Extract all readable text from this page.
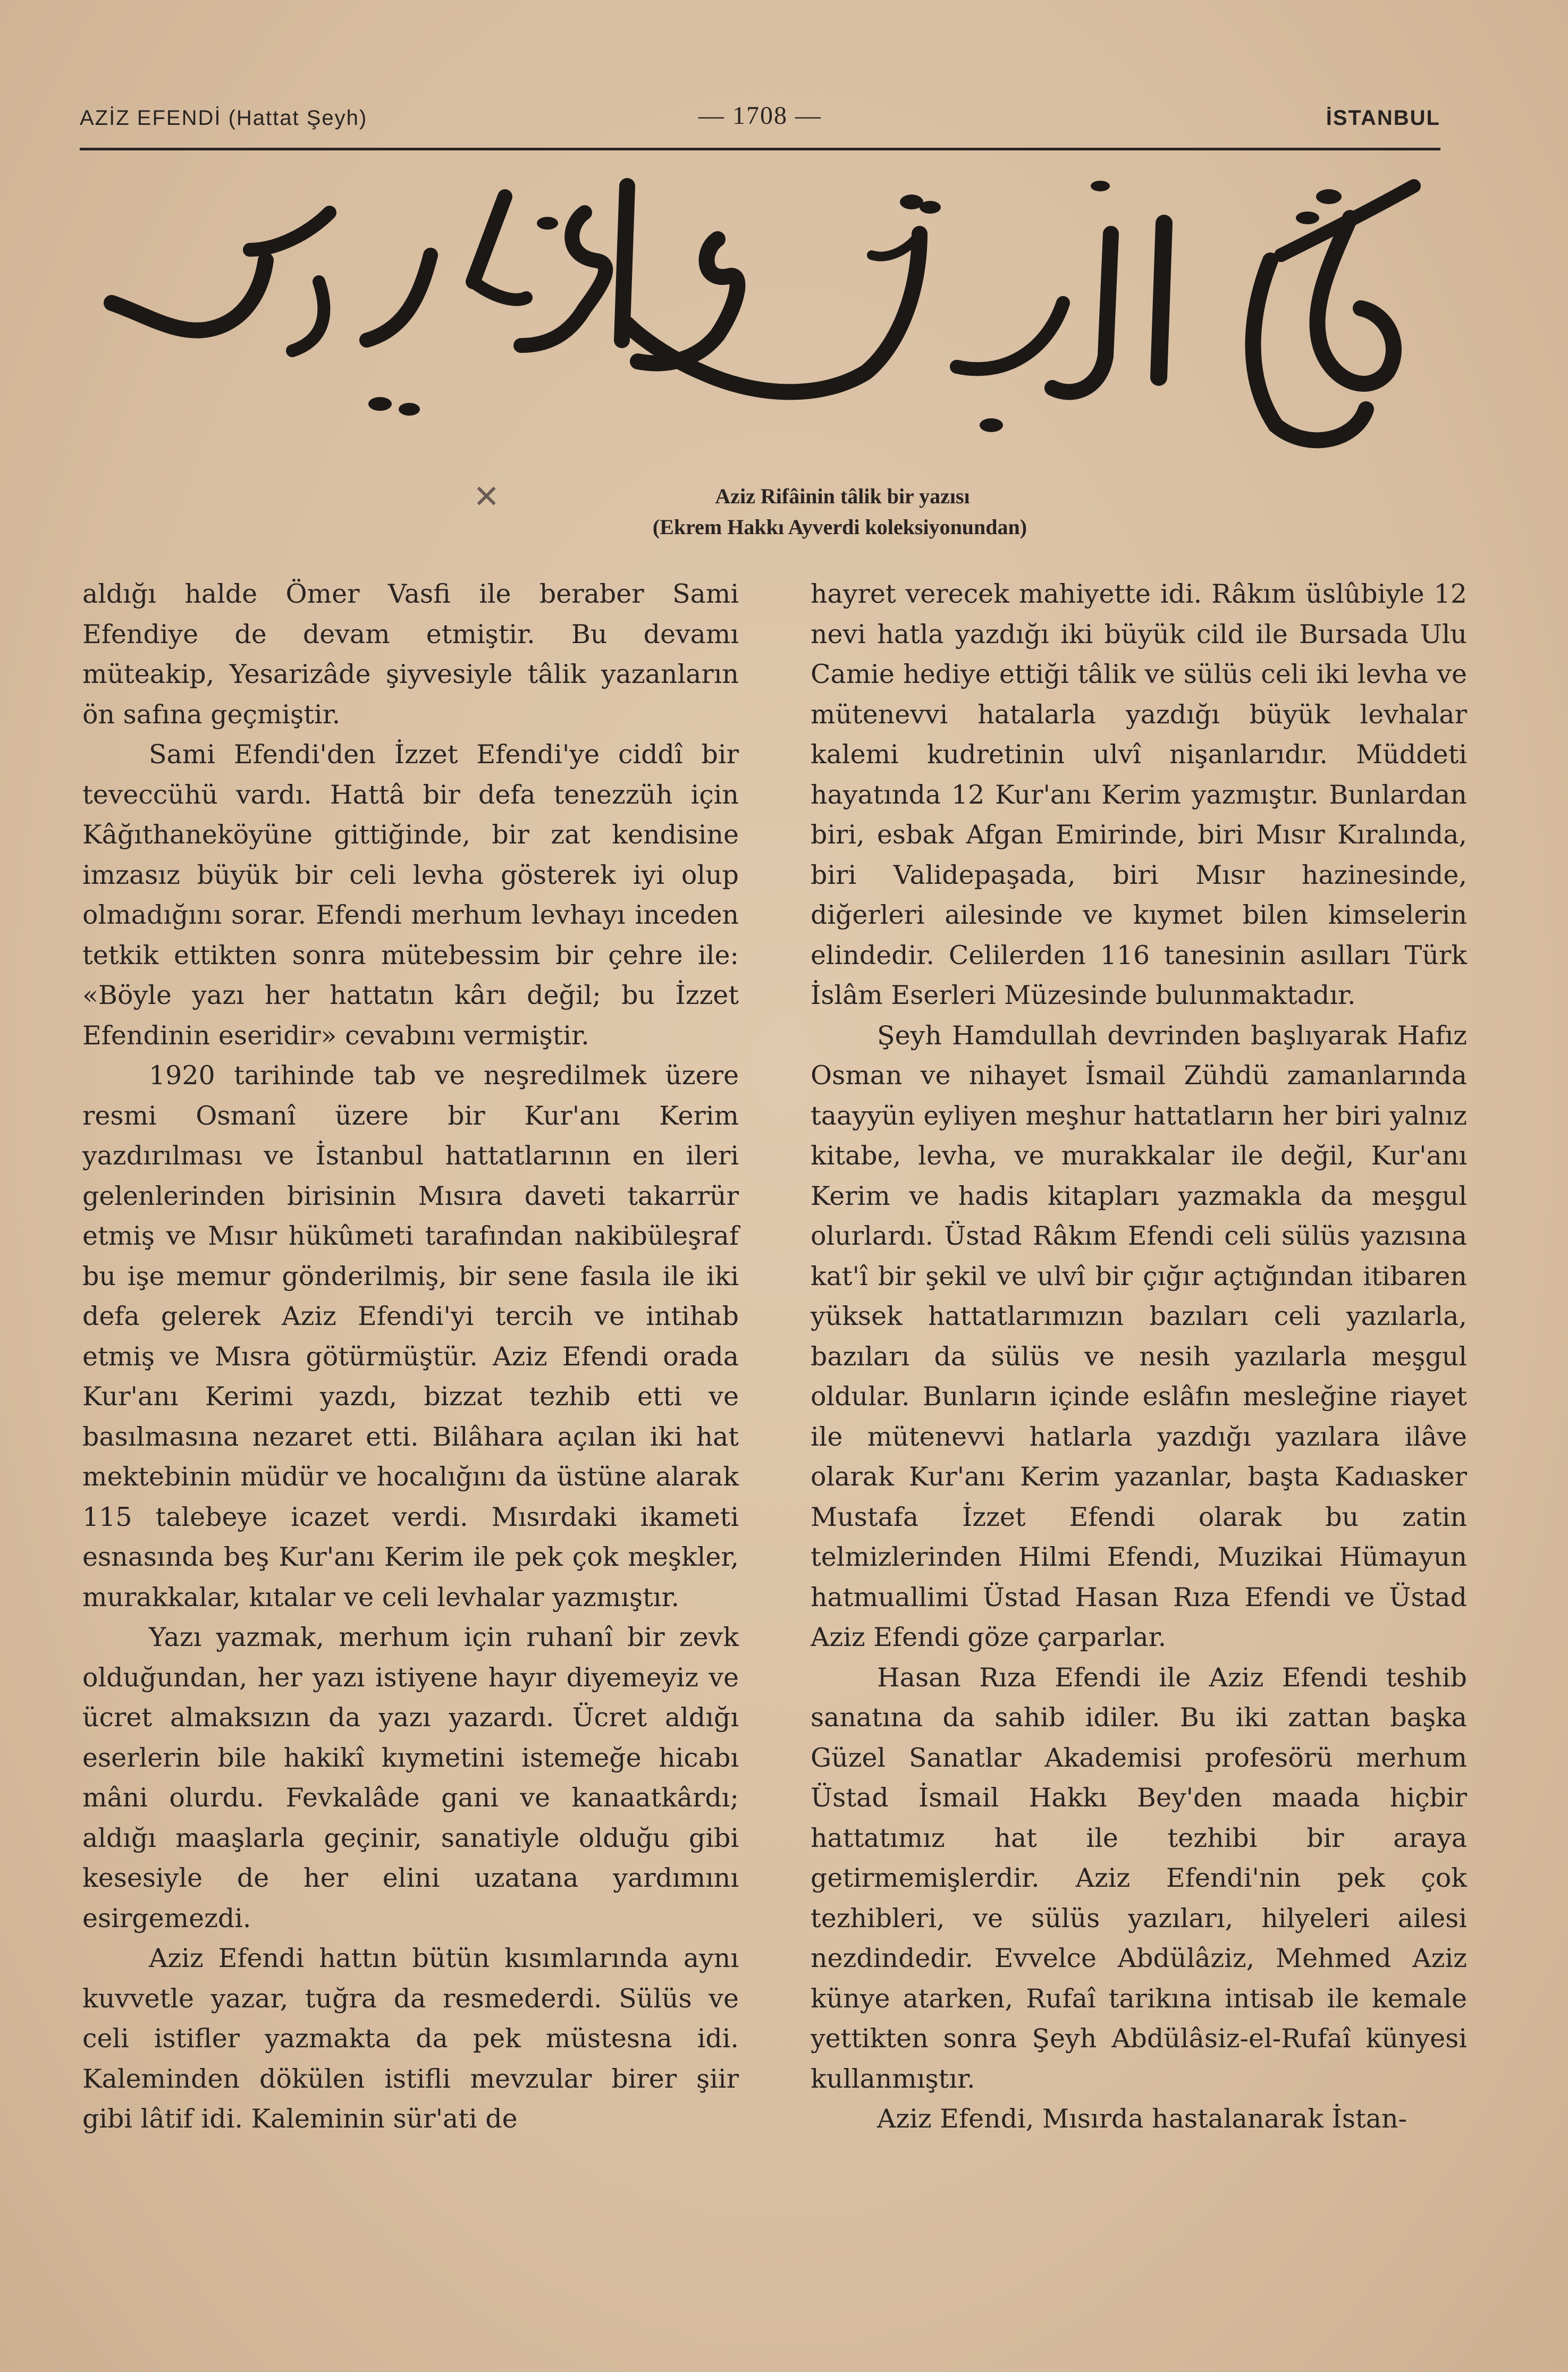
AZİZ EFENDİ (Hattat Şeyh)	— 1708 —	İSTANBUL
✕	Aziz Rifâinin tâlik bir yazısı
(Ekrem Hakkı Ayverdi koleksiyonundan)

aldığı halde Ömer Vasfi ile beraber Sami Efendiye de devam etmiştir. Bu devamı müteakip, Yesarizâde şiyvesiyle tâlik yazanların ön safına geçmiştir.

Sami Efendi'den İzzet Efendi'ye ciddî bir teveccühü vardı. Hattâ bir defa tenezzüh için Kâğıthaneköyüne gittiğinde, bir zat kendisine imzasız büyük bir celi levha gösterek iyi olup olmadığını sorar. Efendi merhum levhayı inceden tetkik ettikten sonra mütebessim bir çehre ile: «Böyle yazı her hattatın kârı değil; bu İzzet Efendinin eseridir» cevabını vermiştir.

1920 tarihinde tab ve neşredilmek üzere resmi Osmanî üzere bir Kur'anı Kerim yazdırılması ve İstanbul hattatlarının en ileri gelenlerinden birisinin Mısıra daveti takarrür etmiş ve Mısır hükûmeti tarafından nakibüleşraf bu işe memur gönderilmiş, bir sene fasıla ile iki defa gelerek Aziz Efendi'yi tercih ve intihab etmiş ve Mısra götürmüştür. Aziz Efendi orada Kur'anı Kerimi yazdı, bizzat tezhib etti ve basılmasına nezaret etti. Bilâhara açılan iki hat mektebinin müdür ve hocalığını da üstüne alarak 115 talebeye icazet verdi. Mısırdaki ikameti esnasında beş Kur'anı Kerim ile pek çok meşkler, murakkalar, kıtalar ve celi levhalar yazmıştır.

Yazı yazmak, merhum için ruhanî bir zevk olduğundan, her yazı istiyene hayır diyemeyiz ve ücret almaksızın da yazı yazardı. Ücret aldığı eserlerin bile hakikî kıymetini istemeğe hicabı mâni olurdu. Fevkalâde gani ve kanaatkârdı; aldığı maaşlarla geçinir, sanatiyle olduğu gibi kesesiyle de her elini uzatana yardımını esirgemezdi.

Aziz Efendi hattın bütün kısımlarında aynı kuvvetle yazar, tuğra da resmederdi. Sülüs ve celi istifler yazmakta da pek müstesna idi. Kaleminden dökülen istifli mevzular birer şiir gibi lâtif idi. Kaleminin sür'ati de

hayret verecek mahiyette idi. Râkım üslûbiyle 12 nevi hatla yazdığı iki büyük cild ile Bursada Ulu Camie hediye ettiği tâlik ve sülüs celi iki levha ve mütenevvi hatalarla yazdığı büyük levhalar kalemi kudretinin ulvî nişanlarıdır. Müddeti hayatında 12 Kur'anı Kerim yazmıştır. Bunlardan biri, esbak Afgan Emirinde, biri Mısır Kıralında, biri Validepaşada, biri Mısır hazinesinde, diğerleri ailesinde ve kıymet bilen kimselerin elindedir. Celilerden 116 tanesinin asılları Türk İslâm Eserleri Müzesinde bulunmaktadır.

Şeyh Hamdullah devrinden başlıyarak Hafız Osman ve nihayet İsmail Zühdü zamanlarında taayyün eyliyen meşhur hattatların her biri yalnız kitabe, levha, ve murakkalar ile değil, Kur'anı Kerim ve hadis kitapları yazmakla da meşgul olurlardı. Üstad Râkım Efendi celi sülüs yazısına kat'î bir şekil ve ulvî bir çığır açtığından itibaren yüksek hattatlarımızın bazıları celi yazılarla, bazıları da sülüs ve nesih yazılarla meşgul oldular. Bunların içinde eslâfın mesleğine riayet ile mütenevvi hatlarla yazdığı yazılara ilâve olarak Kur'anı Kerim yazanlar, başta Kadıasker Mustafa İzzet Efendi olarak bu zatin telmizlerinden Hilmi Efendi, Muzikai Hümayun hatmuallimi Üstad Hasan Rıza Efendi ve Üstad Aziz Efendi göze çarparlar.

Hasan Rıza Efendi ile Aziz Efendi teshib sanatına da sahib idiler. Bu iki zattan başka Güzel Sanatlar Akademisi profesörü merhum Üstad İsmail Hakkı Bey'den maada hiçbir hattatımız hat ile tezhibi bir araya getirmemişlerdir. Aziz Efendi'nin pek çok tezhibleri, ve sülüs yazıları, hilyeleri ailesi nezdindedir. Evvelce Abdülâziz, Mehmed Aziz künye atarken, Rufaî tarikına intisab ile kemale yettikten sonra Şeyh Abdülâsiz-el-Rufaî künyesi kullanmıştır.

Aziz Efendi, Mısırda hastalanarak İstan-
